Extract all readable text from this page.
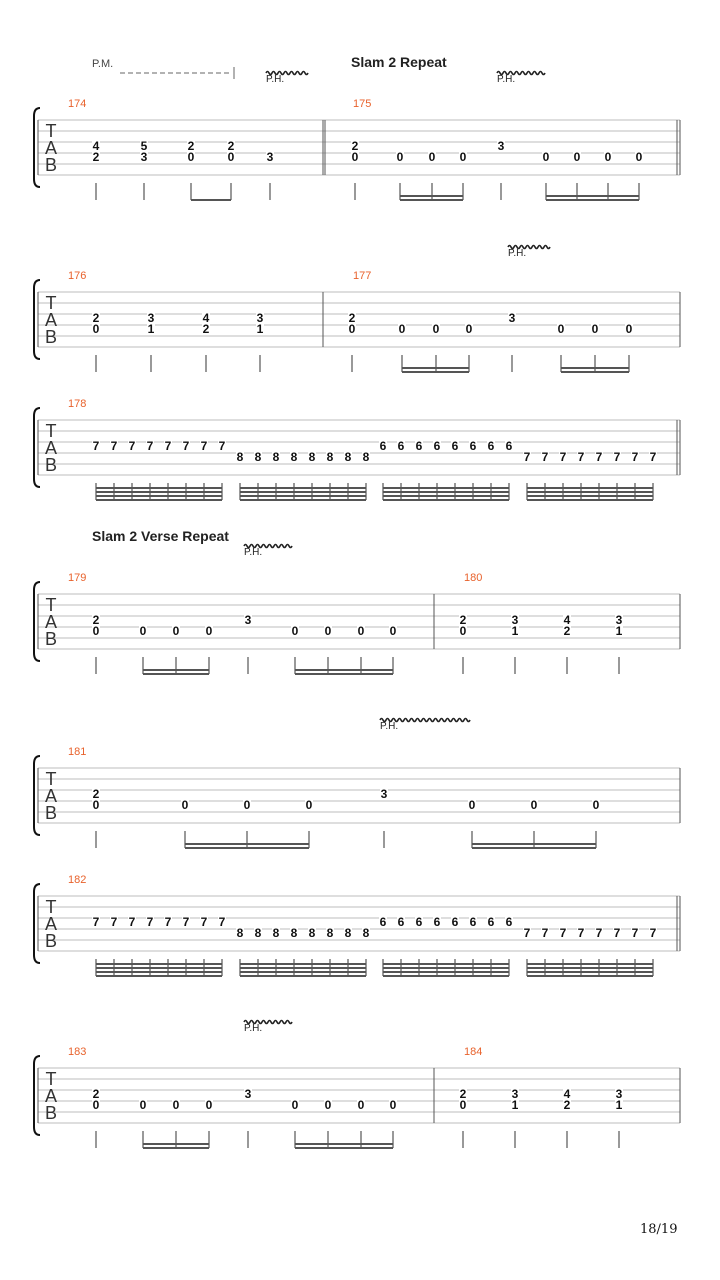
T
A
B
174
4
2
5
3
2
0
2
0	3
175
2
0	0 0 0
3
0 0 0 0
T
A
B
176
2
0
3
1
4
2
3
1
177
2
0	0 0 0
3
0 0 0
T
A
B
178
7 7 7 7 7 7 7 7
8 8 8 8 8 8 8 8
6 6 6 6 6 6 6 6
7 7 7 7 7 7 7 7
T
A
B
179
2
0	0 0 0
3
0 0 0 0
180
2
0
3
1
4
2
3
1
T
A
B
181
2
0	0	0	0
3
0	0	0
T
A
B
182
7 7 7 7 7 7 7 7
8 8 8 8 8 8 8 8
6 6 6 6 6 6 6 6
7 7 7 7 7 7 7 7
T
A
B
183
2
0	0 0 0
3
0 0 0 0
184
2
0
3
1
4
2
3
1
P.M.	Slam 2 Repeat
Slam 2 Verse Repeat
P.H.	P.H.
P.H.
P.H.
P.H.
P.H.
18/19
